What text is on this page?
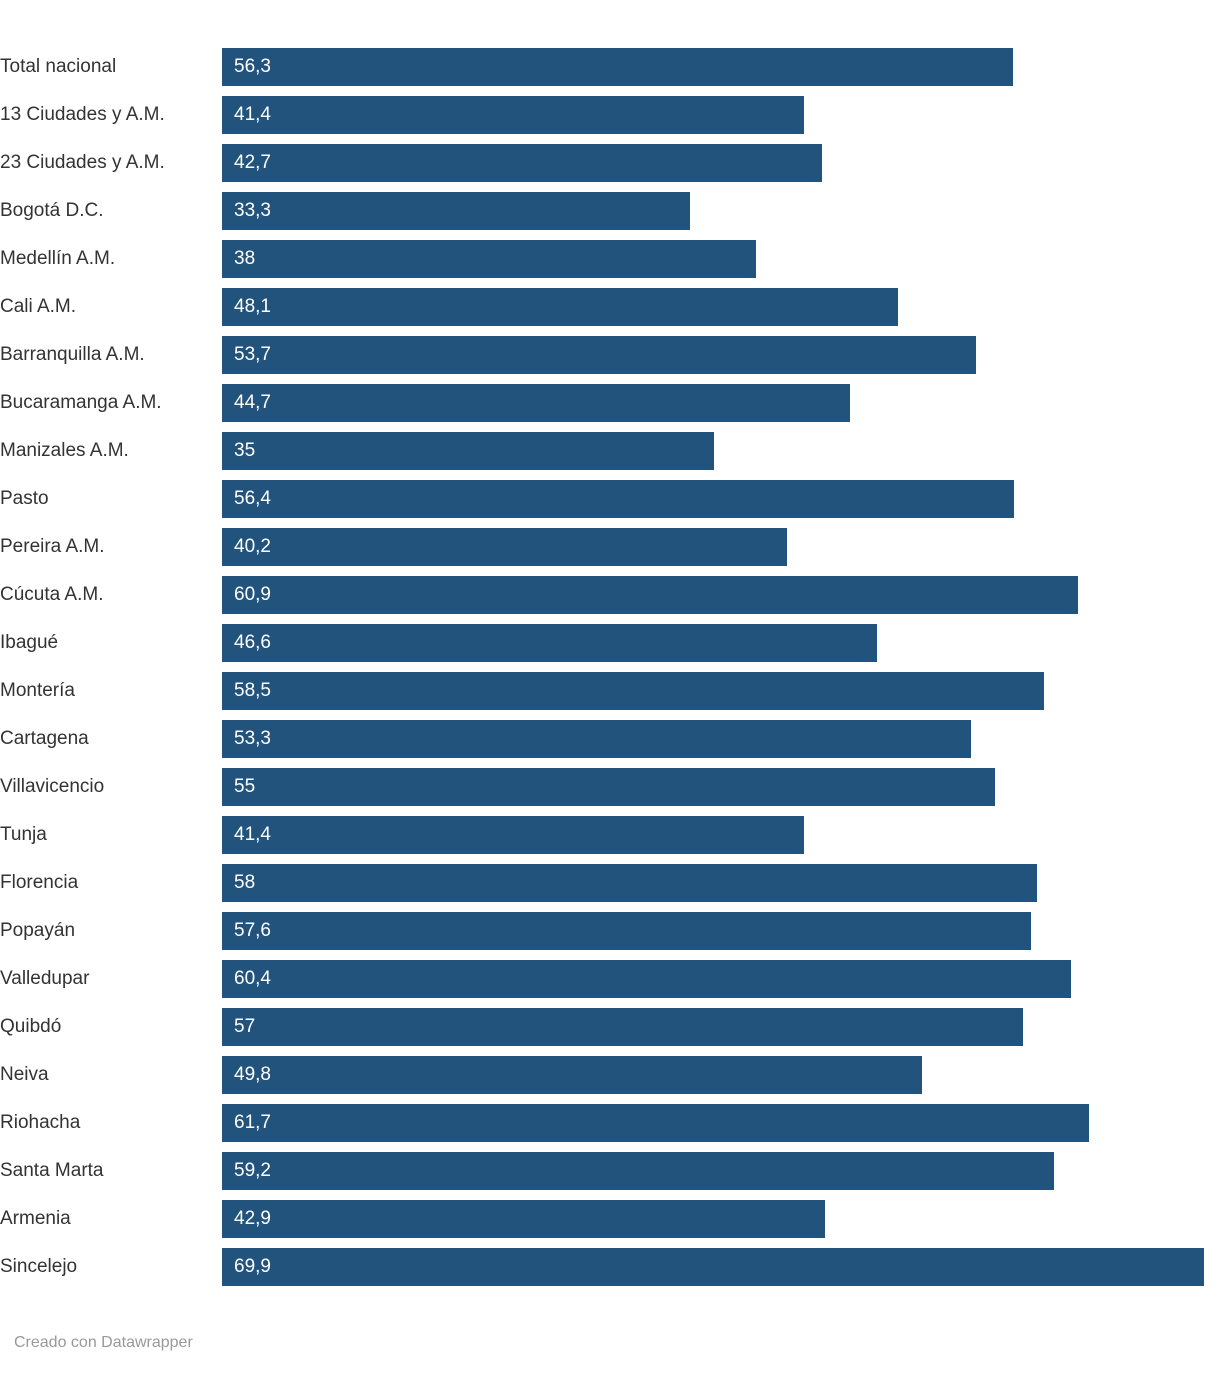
Total nacional	56,3
13 Ciudades y A.M.	41,4
23 Ciudades y A.M.	42,7
Bogotá D.C.	33,3
Medellín A.M.	38
Cali A.M.	48,1
Barranquilla A.M.	53,7
Bucaramanga A.M.	44,7
Manizales A.M.	35
Pasto	56,4
Pereira A.M.	40,2
Cúcuta A.M.	60,9
Ibagué	46,6
Montería	58,5
Cartagena	53,3
Villavicencio	55
Tunja	41,4
Florencia	58
Popayán	57,6
Valledupar	60,4
Quibdó	57
Neiva	49,8
Riohacha	61,7
Santa Marta	59,2
Armenia	42,9
Sincelejo	69,9
Creado con Datawrapper
